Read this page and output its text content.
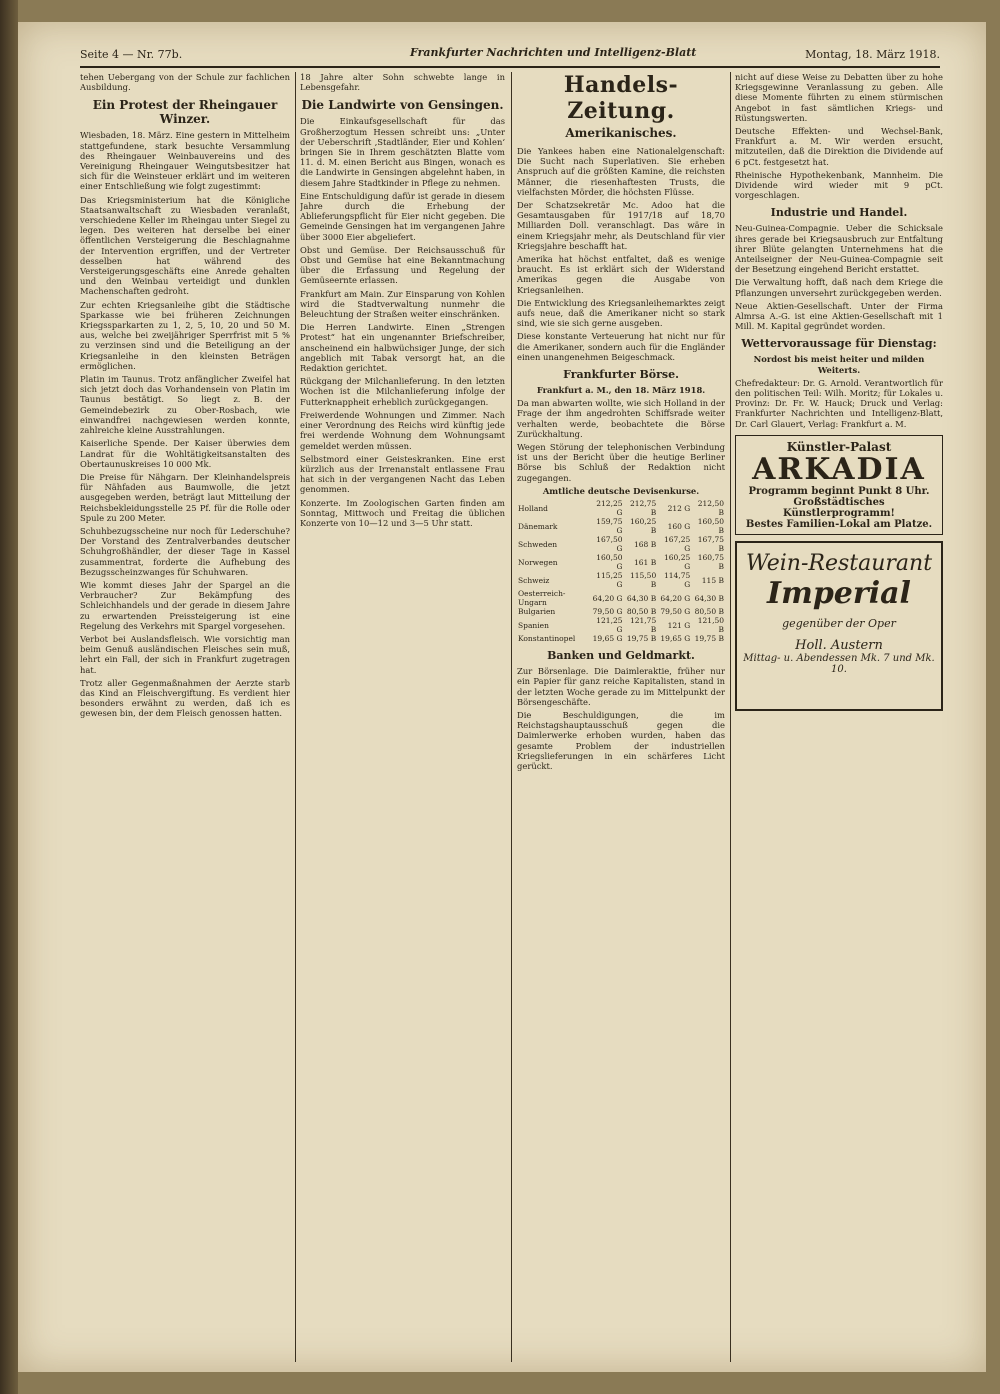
Seite 4 — Nr. 77b.	Frankfurter Nachrichten und Intelligenz-Blatt	Montag, 18. März 1918.

tehen Uebergang von der Schule zur fachlichen Ausbildung.

Ein Protest der Rheingauer Winzer.

Wiesbaden, 18. März. Eine gestern in Mittelheim stattgefundene, stark besuchte Versammlung des Rheingauer Weinbauvereins und des Vereinigung Rheingauer Weingutsbesitzer hat sich für die Weinsteuer erklärt und im weiteren einer Entschließung wie folgt zugestimmt:

Das Kriegsministerium hat die Königliche Staatsanwaltschaft zu Wiesbaden veranlaßt, verschiedene Keller im Rheingau unter Siegel zu legen. Des weiteren hat derselbe bei einer öffentlichen Versteigerung die Beschlagnahme der Intervention ergriffen, und der Vertreter desselben hat während des Versteigerungsgeschäfts eine Anrede gehalten und den Weinbau verteidigt und dunklen Machenschaften gedroht.

Zur echten Kriegsanleihe gibt die Städtische Sparkasse wie bei früheren Zeichnungen Kriegssparkarten zu 1, 2, 5, 10, 20 und 50 M. aus, welche bei zweijähriger Sperrfrist mit 5 % zu verzinsen sind und die Beteiligung an der Kriegsanleihe in den kleinsten Beträgen ermöglichen.

Platin im Taunus. Trotz anfänglicher Zweifel hat sich jetzt doch das Vorhandensein von Platin im Taunus bestätigt. So liegt z. B. der Gemeindebezirk zu Ober-Rosbach, wie einwandfrei nachgewiesen werden konnte, zahlreiche kleine Ausstrahlungen.

Kaiserliche Spende. Der Kaiser überwies dem Landrat für die Wohltätigkeitsanstalten des Obertaunuskreises 10 000 Mk.

Die Preise für Nähgarn. Der Kleinhandelspreis für Nähfaden aus Baumwolle, die jetzt ausgegeben werden, beträgt laut Mitteilung der Reichsbekleidungsstelle 25 Pf. für die Rolle oder Spule zu 200 Meter.

Schuhbezugsscheine nur noch für Lederschuhe? Der Vorstand des Zentralverbandes deutscher Schuhgroßhändler, der dieser Tage in Kassel zusammentrat, forderte die Aufhebung des Bezugsscheinzwanges für Schuhwaren.

Wie kommt dieses Jahr der Spargel an die Verbraucher? Zur Bekämpfung des Schleichhandels und der gerade in diesem Jahre zu erwartenden Preissteigerung ist eine Regelung des Verkehrs mit Spargel vorgesehen.

Verbot bei Auslandsfleisch. Wie vorsichtig man beim Genuß ausländischen Fleisches sein muß, lehrt ein Fall, der sich in Frankfurt zugetragen hat.

Trotz aller Gegenmaßnahmen der Aerzte starb das Kind an Fleischvergiftung. Es verdient hier besonders erwähnt zu werden, daß ich es gewesen bin, der dem Fleisch genossen hatten.

18 Jahre alter Sohn schwebte lange in Lebensgefahr.

Die Landwirte von Gensingen.

Die Einkaufsgesellschaft für das Großherzogtum Hessen schreibt uns: „Unter der Ueberschrift ‚Stadtländer, Eier und Kohlen‘ bringen Sie in Ihrem geschätzten Blatte vom 11. d. M. einen Bericht aus Bingen, wonach es die Landwirte in Gensingen abgelehnt haben, in diesem Jahre Stadtkinder in Pflege zu nehmen.

Eine Entschuldigung dafür ist gerade in diesem Jahre durch die Erhebung der Ablieferungspflicht für Eier nicht gegeben. Die Gemeinde Gensingen hat im vergangenen Jahre über 3000 Eier abgeliefert.

Obst und Gemüse. Der Reichsausschuß für Obst und Gemüse hat eine Bekanntmachung über die Erfassung und Regelung der Gemüseernte erlassen.

Frankfurt am Main. Zur Einsparung von Kohlen wird die Stadtverwaltung nunmehr die Beleuchtung der Straßen weiter einschränken.

Die Herren Landwirte. Einen „Strengen Protest“ hat ein ungenannter Briefschreiber, anscheinend ein halbwüchsiger Junge, der sich angeblich mit Tabak versorgt hat, an die Redaktion gerichtet.

Rückgang der Milchanlieferung. In den letzten Wochen ist die Milchanlieferung infolge der Futterknappheit erheblich zurückgegangen.

Freiwerdende Wohnungen und Zimmer. Nach einer Verordnung des Reichs wird künftig jede frei werdende Wohnung dem Wohnungsamt gemeldet werden müssen.

Selbstmord einer Geisteskranken. Eine erst kürzlich aus der Irrenanstalt entlassene Frau hat sich in der vergangenen Nacht das Leben genommen.

Konzerte. Im Zoologischen Garten finden am Sonntag, Mittwoch und Freitag die üblichen Konzerte von 10—12 und 3—5 Uhr statt.

Handels-Zeitung.
Amerikanisches.

Die Yankees haben eine Nationalelgenschaft: Die Sucht nach Superlativen. Sie erheben Anspruch auf die größten Kamine, die reichsten Männer, die riesenhaftesten Trusts, die vielfachsten Mörder, die höchsten Flüsse.

Der Schatzsekretär Mc. Adoo hat die Gesamtausgaben für 1917/18 auf 18,70 Milliarden Doll. veranschlagt. Das wäre in einem Kriegsjahr mehr, als Deutschland für vier Kriegsjahre beschafft hat.

Amerika hat höchst entfaltet, daß es wenige braucht. Es ist erklärt sich der Widerstand Amerikas gegen die Ausgabe von Kriegsanleihen.

Die Entwicklung des Kriegsanleihemarktes zeigt aufs neue, daß die Amerikaner nicht so stark sind, wie sie sich gerne ausgeben.

Diese konstante Verteuerung hat nicht nur für die Amerikaner, sondern auch für die Engländer einen unangenehmen Beigeschmack.

Frankfurter Börse.

Frankfurt a. M., den 18. März 1918.

Da man abwarten wollte, wie sich Holland in der Frage der ihm angedrohten Schiffsrade weiter verhalten werde, beobachtete die Börse Zurückhaltung.

Wegen Störung der telephonischen Verbindung ist uns der Bericht über die heutige Berliner Börse bis Schluß der Redaktion nicht zugegangen.

Amtliche deutsche Devisenkurse.

Holland	212,25 G	212,75 B	212 G	212,50 B
Dänemark	159,75 G	160,25 B	160 G	160,50 B
Schweden	167,50 G	168 B	167,25 G	167,75 B
Norwegen	160,50 G	161 B	160,25 G	160,75 B
Schweiz	115,25 G	115,50 B	114,75 G	115 B
Oesterreich-Ungarn	64,20 G	64,30 B	64,20 G	64,30 B
Bulgarien	79,50 G	80,50 B	79,50 G	80,50 B
Spanien	121,25 G	121,75 B	121 G	121,50 B
Konstantinopel	19,65 G	19,75 B	19,65 G	19,75 B
Banken und Geldmarkt.

Zur Börsenlage. Die Daimleraktie, früher nur ein Papier für ganz reiche Kapitalisten, stand in der letzten Woche gerade zu im Mittelpunkt der Börsengeschäfte.

Die Beschuldigungen, die im Reichstagshauptausschuß gegen die Daimlerwerke erhoben wurden, haben das gesamte Problem der industriellen Kriegslieferungen in ein schärferes Licht gerückt.

nicht auf diese Weise zu Debatten über zu hohe Kriegsgewinne Veranlassung zu geben. Alle diese Momente führten zu einem stürmischen Angebot in fast sämtlichen Kriegs- und Rüstungswerten.

Deutsche Effekten- und Wechsel-Bank, Frankfurt a. M. Wir werden ersucht, mitzuteilen, daß die Direktion die Dividende auf 6 pCt. festgesetzt hat.

Rheinische Hypothekenbank, Mannheim. Die Dividende wird wieder mit 9 pCt. vorgeschlagen.

Industrie und Handel.

Neu-Guinea-Compagnie. Ueber die Schicksale ihres gerade bei Kriegsausbruch zur Entfaltung ihrer Blüte gelangten Unternehmens hat die Anteilseigner der Neu-Guinea-Compagnie seit der Besetzung eingehend Bericht erstattet.

Die Verwaltung hofft, daß nach dem Kriege die Pflanzungen unversehrt zurückgegeben werden.

Neue Aktien-Gesellschaft. Unter der Firma Almrsa A.-G. ist eine Aktien-Gesellschaft mit 1 Mill. M. Kapital gegründet worden.

Wettervoraussage für Dienstag:

Nordost bis meist heiter und milden Weiterts.

Chefredakteur: Dr. G. Arnold. Verantwortlich für den politischen Teil: Wilh. Moritz; für Lokales u. Provinz: Dr. Fr. W. Hauck; Druck und Verlag: Frankfurter Nachrichten und Intelligenz-Blatt, Dr. Carl Glauert, Verlag: Frankfurt a. M.

Künstler-Palast
ARKADIA
Programm beginnt Punkt 8 Uhr.
Großstädtisches Künstlerprogramm!
Bestes Familien-Lokal am Platze.
Wein-Restaurant
Imperial
gegenüber der Oper
Holl. Austern
Mittag- u. Abendessen Mk. 7 und Mk. 10.
